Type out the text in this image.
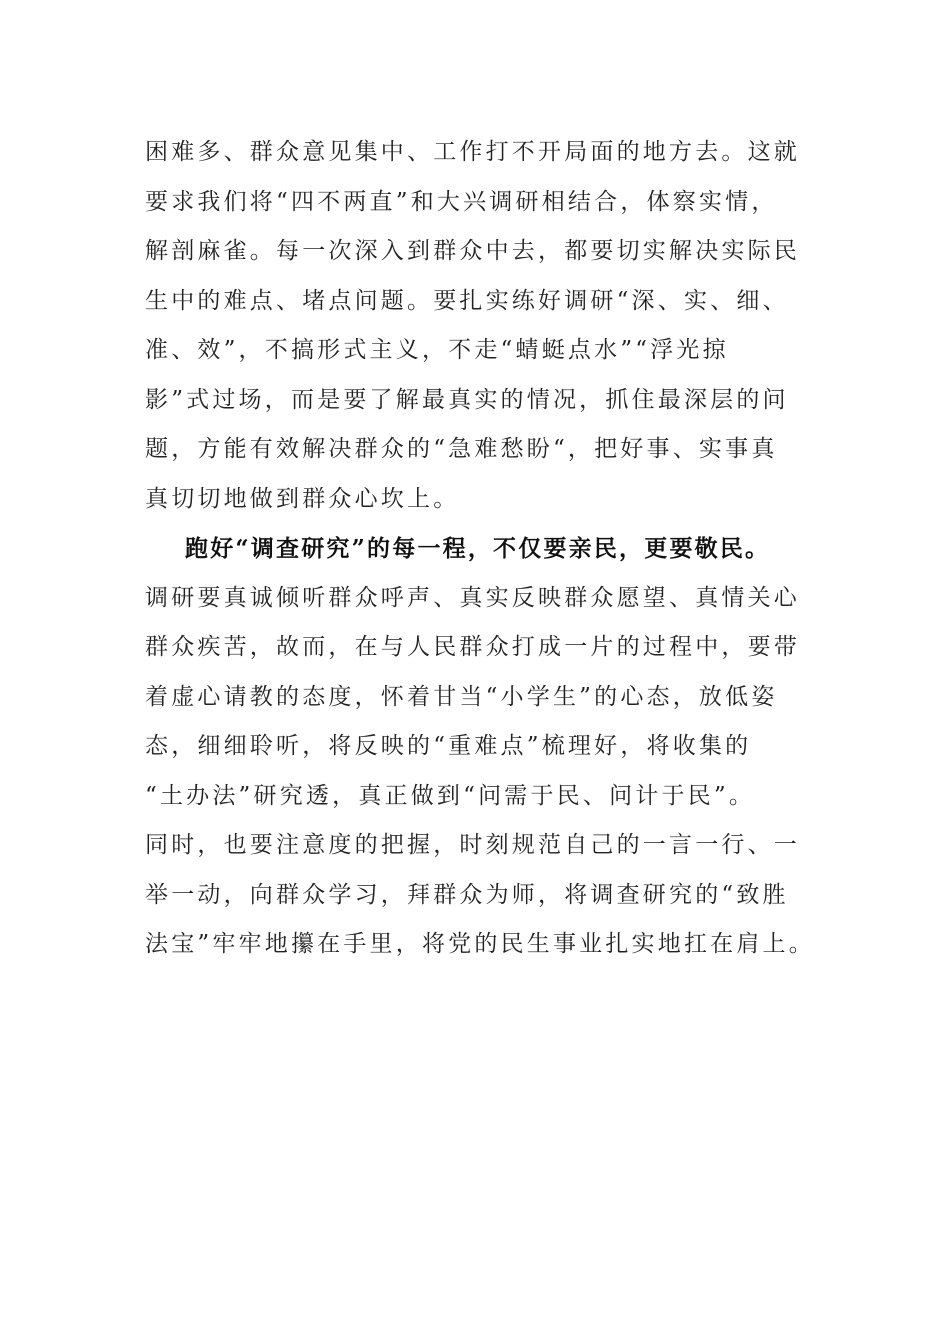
困难多、群众意见集中、工作打不开局面的地方去。这就
要求我们将“四不两直”和大兴调研相结合，体察实情，
解剖麻雀。每一次深入到群众中去，都要切实解决实际民
生中的难点、堵点问题。要扎实练好调研“深、实、细、
准、效”，不搞形式主义，不走“蜻蜓点水”“浮光掠
影”式过场，而是要了解最真实的情况，抓住最深层的问
题，方能有效解决群众的“急难愁盼“，把好事、实事真
真切切地做到群众心坎上。
跑好“调查研究”的每一程，不仅要亲民，更要敬民。
调研要真诚倾听群众呼声、真实反映群众愿望、真情关心
群众疾苦，故而，在与人民群众打成一片的过程中，要带
着虚心请教的态度，怀着甘当“小学生”的心态，放低姿
态，细细聆听，将反映的“重难点”梳理好，将收集的
“土办法”研究透，真正做到“问需于民、问计于民”。
同时，也要注意度的把握，时刻规范自己的一言一行、一
举一动，向群众学习，拜群众为师，将调查研究的“致胜
法宝”牢牢地攥在手里，将党的民生事业扎实地扛在肩上。
